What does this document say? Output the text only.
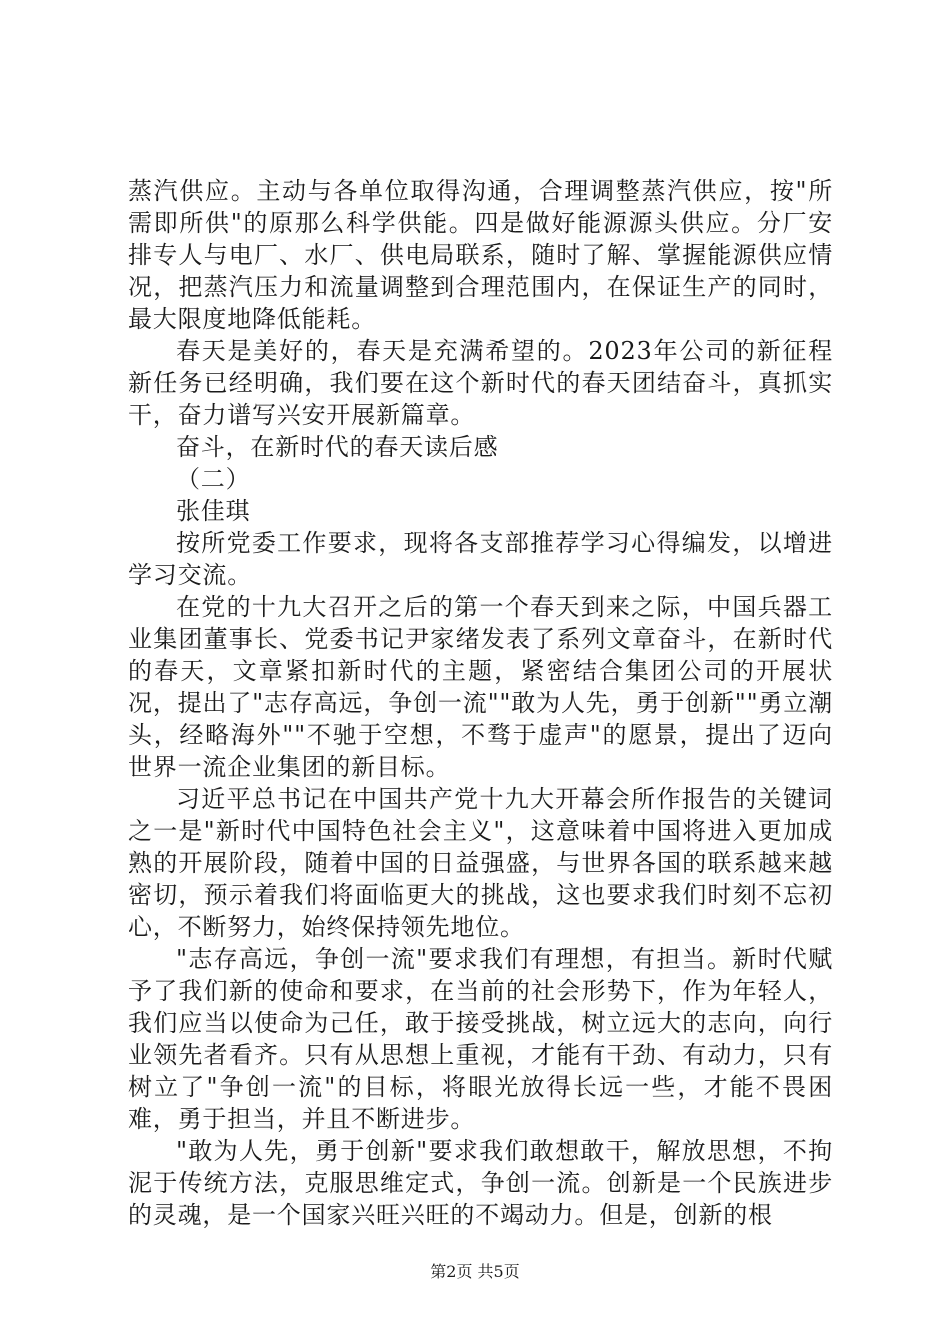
蒸汽供应。主动与各单位取得沟通，合理调整蒸汽供应，按"所需即所供"的原那么科学供能。四是做好能源源头供应。分厂安排专人与电厂、水厂、供电局联系，随时了解、掌握能源供应情况，把蒸汽压力和流量调整到合理范围内，在保证生产的同时，最大限度地降低能耗。

春天是美好的，春天是充满希望的。2023年公司的新征程新任务已经明确，我们要在这个新时代的春天团结奋斗，真抓实干，奋力谱写兴安开展新篇章。

奋斗，在新时代的春天读后感

（二）

张佳琪

按所党委工作要求，现将各支部推荐学习心得编发，以增进学习交流。

在党的十九大召开之后的第一个春天到来之际，中国兵器工业集团董事长、党委书记尹家绪发表了系列文章奋斗，在新时代的春天，文章紧扣新时代的主题，紧密结合集团公司的开展状况，提出了"志存高远，争创一流""敢为人先，勇于创新""勇立潮头，经略海外""不驰于空想，不骛于虚声"的愿景，提出了迈向世界一流企业集团的新目标。

习近平总书记在中国共产党十九大开幕会所作报告的关键词之一是"新时代中国特色社会主义"，这意味着中国将进入更加成熟的开展阶段，随着中国的日益强盛，与世界各国的联系越来越密切，预示着我们将面临更大的挑战，这也要求我们时刻不忘初心，不断努力，始终保持领先地位。

"志存高远，争创一流"要求我们有理想，有担当。新时代赋予了我们新的使命和要求，在当前的社会形势下，作为年轻人，我们应当以使命为己任，敢于接受挑战，树立远大的志向，向行业领先者看齐。只有从思想上重视，才能有干劲、有动力，只有树立了"争创一流"的目标，将眼光放得长远一些，才能不畏困难，勇于担当，并且不断进步。

"敢为人先，勇于创新"要求我们敢想敢干，解放思想，不拘泥于传统方法，克服思维定式，争创一流。创新是一个民族进步的灵魂，是一个国家兴旺兴旺的不竭动力。但是，创新的根

第2页 共5页
